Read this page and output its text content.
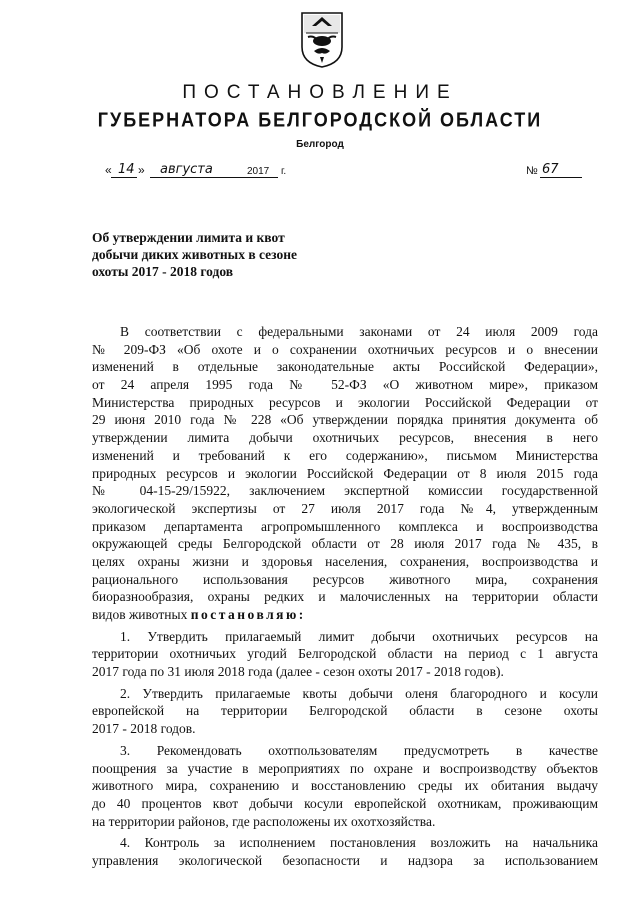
ПОСТАНОВЛЕНИЕ
ГУБЕРНАТОРА БЕЛГОРОДСКОЙ ОБЛАСТИ
Белгород
« 14 » августа	2017 г.	№ 67
Об утверждении лимита и квот
добычи диких животных в сезоне
охоты 2017 - 2018 годов
В соответствии с федеральными законами от 24 июля 2009 года
№ 209-ФЗ «Об охоте и о сохранении охотничьих ресурсов и о внесении
изменений в отдельные законодательные акты Российской Федерации»,
от 24 апреля 1995 года № 52-ФЗ «О животном мире», приказом
Министерства природных ресурсов и экологии Российской Федерации от
29 июня 2010 года № 228 «Об утверждении порядка принятия документа об
утверждении лимита добычи охотничьих ресурсов, внесения в него
изменений и требований к его содержанию», письмом Министерства
природных ресурсов и экологии Российской Федерации от 8 июля 2015 года
№ 04-15-29/15922, заключением экспертной комиссии государственной
экологической экспертизы от 27 июля 2017 года №4, утвержденным
приказом департамента агропромышленного комплекса и воспроизводства
окружающей среды Белгородской области от 28 июля 2017 года № 435, в
целях охраны жизни и здоровья населения, сохранения, воспроизводства и
рационального использования ресурсов животного мира, сохранения
биоразнообразия, охраны редких и малочисленных на территории области
видов животных постановляю:
1. Утвердить прилагаемый лимит добычи охотничьих ресурсов на
территории охотничьих угодий Белгородской области на период с 1 августа
2017 года по 31 июля 2018 года (далее - сезон охоты 2017 - 2018 годов).
2. Утвердить прилагаемые квоты добычи оленя благородного и косули
европейской на территории Белгородской области в сезоне охоты
2017 - 2018 годов.
3. Рекомендовать охотпользователям предусмотреть в качестве
поощрения за участие в мероприятиях по охране и воспроизводству объектов
животного мира, сохранению и восстановлению среды их обитания выдачу
до 40 процентов квот добычи косули европейской охотникам, проживающим
на территории районов, где расположены их охотхозяйства.
4. Контроль за исполнением постановления возложить на начальника
управления экологической безопасности и надзора за использованием
